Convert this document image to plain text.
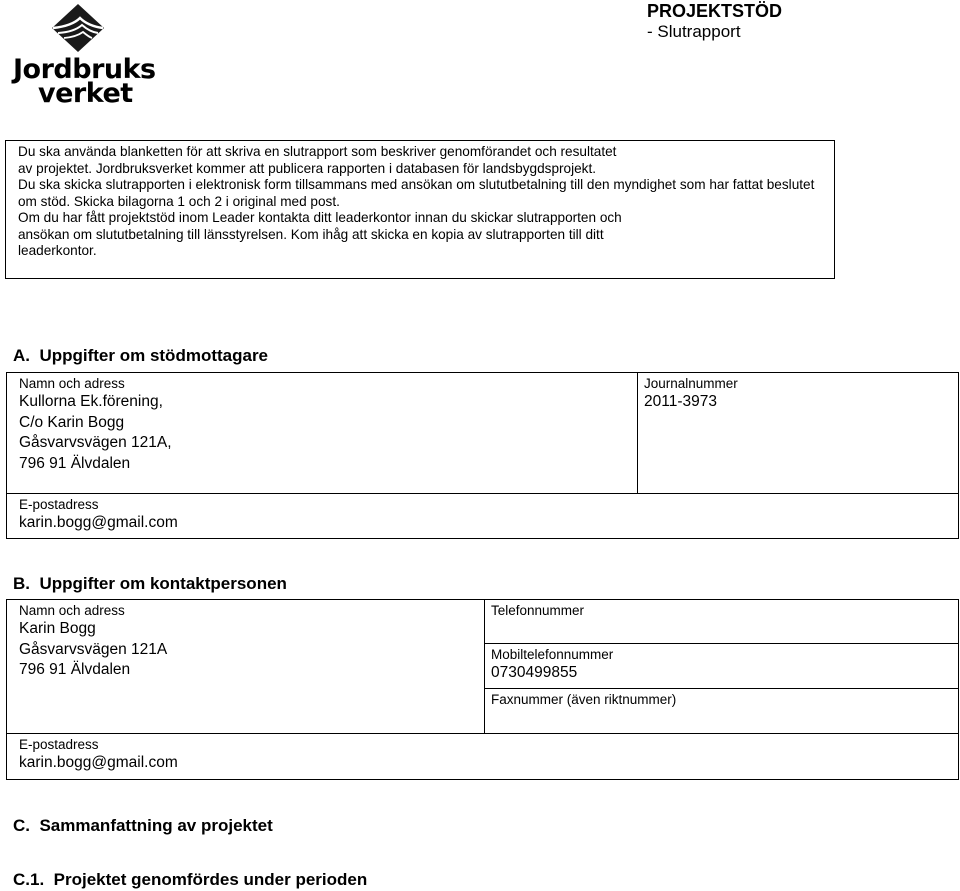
Jordbruks
verket
PROJEKTSTÖD
- Slutrapport

Du ska använda blanketten för att skriva en slutrapport som beskriver genomförandet och resultatet av projektet. Jordbruksverket kommer att publicera rapporten i databasen för landsbygdsprojekt.

Du ska skicka slutrapporten i elektronisk form tillsammans med ansökan om slututbetalning till den myndighet som har fattat beslutet om stöd. Skicka bilagorna 1 och 2 i original med post.

Om du har fått projektstöd inom Leader kontakta ditt leaderkontor innan du skickar slutrapporten och ansökan om slututbetalning till länsstyrelsen. Kom ihåg att skicka en kopia av slutrapporten till ditt leaderkontor.

A. Uppgifter om stödmottagare
Namn och adress
Kullorna Ek.förening,
C/o Karin Bogg
Gåsvarvsvägen 121A,
796 91 Älvdalen
Journalnummer
2011-3973
E-postadress
karin.bogg@gmail.com
B. Uppgifter om kontaktpersonen
Namn och adress
Karin Bogg
Gåsvarvsvägen 121A
796 91 Älvdalen
Telefonnummer
Mobiltelefonnummer
0730499855
Faxnummer (även riktnummer)
E-postadress
karin.bogg@gmail.com
C. Sammanfattning av projektet
C.1. Projektet genomfördes under perioden
